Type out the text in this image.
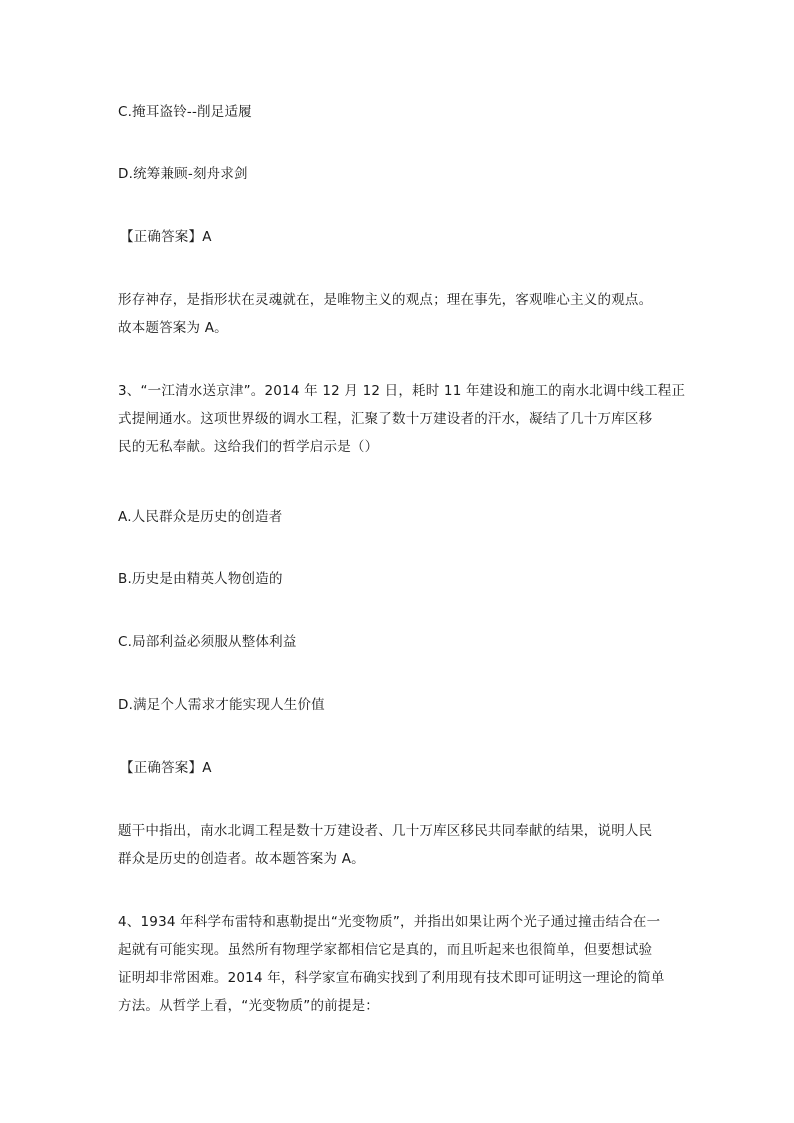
C.掩耳盗铃--削足适履
D.统筹兼顾-刻舟求剑
【正确答案】A
形存神存，是指形状在灵魂就在，是唯物主义的观点；理在事先，客观唯心主义的观点。
故本题答案为 A。
3、“一江清水送京津”。2014 年 12 月 12 日，耗时 11 年建设和施工的南水北调中线工程正
式提闸通水。这项世界级的调水工程，汇聚了数十万建设者的汗水，凝结了几十万库区移
民的无私奉献。这给我们的哲学启示是（）
A.人民群众是历史的创造者
B.历史是由精英人物创造的
C.局部利益必须服从整体利益
D.满足个人需求才能实现人生价值
【正确答案】A
题干中指出，南水北调工程是数十万建设者、几十万库区移民共同奉献的结果，说明人民
群众是历史的创造者。故本题答案为 A。
4、1934 年科学布雷特和惠勒提出“光变物质”，并指出如果让两个光子通过撞击结合在一
起就有可能实现。虽然所有物理学家都相信它是真的，而且听起来也很简单，但要想试验
证明却非常困难。2014 年，科学家宣布确实找到了利用现有技术即可证明这一理论的简单
方法。从哲学上看，“光变物质”的前提是：
